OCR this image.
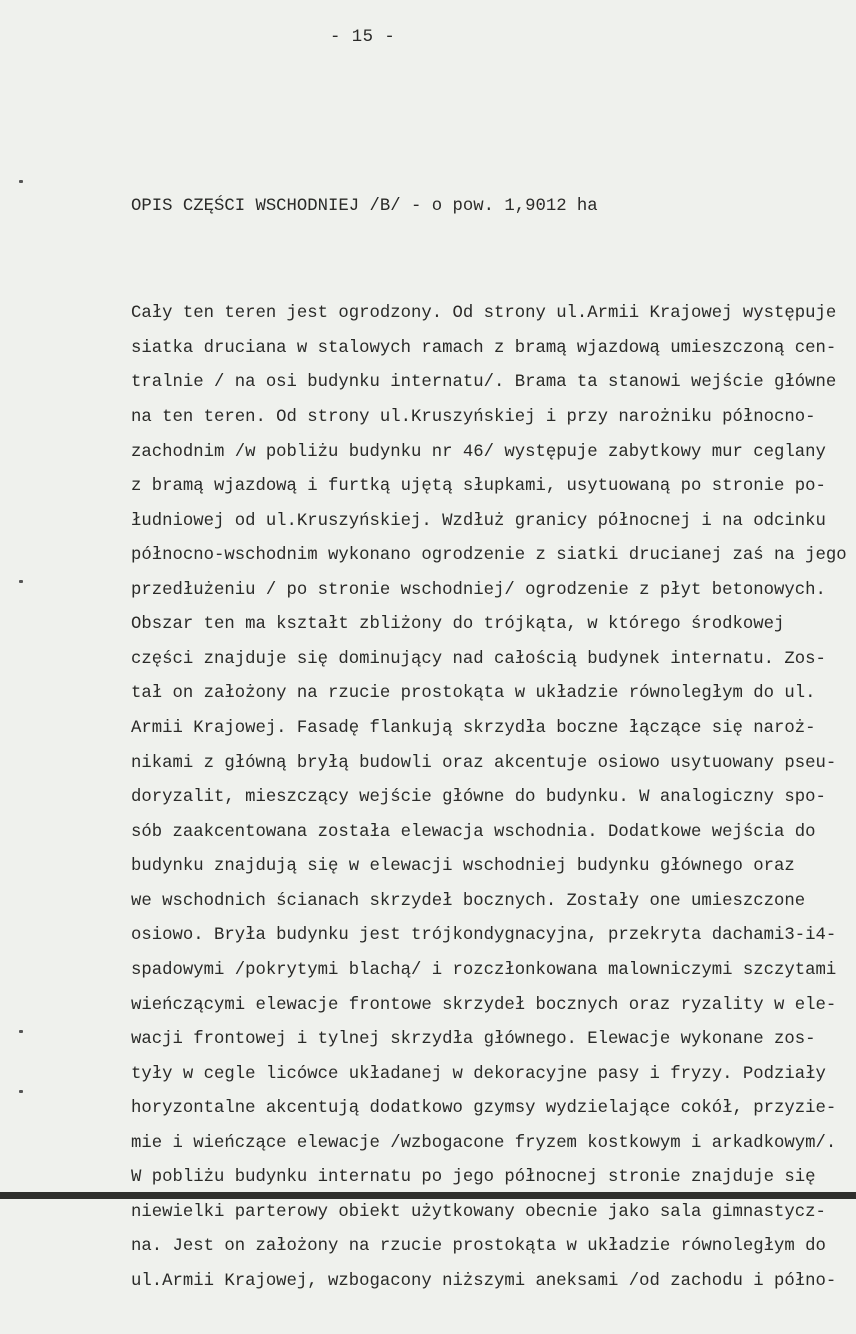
- 15 -

OPIS CZĘŚCI WSCHODNIEJ /B/ - o pow. 1,9012 ha

Cały ten teren jest ogrodzony. Od strony ul.Armii Krajowej występuje
siatka druciana w stalowych ramach z bramą wjazdową umieszczoną cen-
tralnie / na osi budynku internatu/. Brama ta stanowi wejście główne
na ten teren. Od strony ul.Kruszyńskiej i przy narożniku północno-
zachodnim /w pobliżu budynku nr 46/ występuje zabytkowy mur ceglany
z bramą wjazdową i furtką ujętą słupkami, usytuowaną po stronie po-
łudniowej od ul.Kruszyńskiej. Wzdłuż granicy północnej i na odcinku
północno-wschodnim wykonano ogrodzenie z siatki drucianej zaś na jego
przedłużeniu / po stronie wschodniej/ ogrodzenie z płyt betonowych.
Obszar ten ma kształt zbliżony do trójkąta, w którego środkowej
części znajduje się dominujący nad całością budynek internatu. Zos-
tał on założony na rzucie prostokąta w układzie równoległym do ul.
Armii Krajowej. Fasadę flankują skrzydła boczne łączące się naroż-
nikami z główną bryłą budowli oraz akcentuje osiowo usytuowany pseu-
doryzalit, mieszczący wejście główne do budynku. W analogiczny spo-
sób zaakcentowana została elewacja wschodnia. Dodatkowe wejścia do
budynku znajdują się w elewacji wschodniej budynku głównego oraz
we wschodnich ścianach skrzydeł bocznych. Zostały one umieszczone
osiowo. Bryła budynku jest trójkondygnacyjna, przekryta dachami3-i4-
spadowymi /pokrytymi blachą/ i rozczłonkowana malowniczymi szczytami
wieńczącymi elewacje frontowe skrzydeł bocznych oraz ryzality w ele-
wacji frontowej i tylnej skrzydła głównego. Elewacje wykonane zos-
tyły w cegle licówce układanej w dekoracyjne pasy i fryzy. Podziały
horyzontalne akcentują dodatkowo gzymsy wydzielające cokół, przyzie-
mie i wieńczące elewacje /wzbogacone fryzem kostkowym i arkadkowym/.
W pobliżu budynku internatu po jego północnej stronie znajduje się
niewielki parterowy obiekt użytkowany obecnie jako sala gimnastycz-
na. Jest on założony na rzucie prostokąta w układzie równoległym do
ul.Armii Krajowej, wzbogacony niższymi aneksami /od zachodu i półno-
